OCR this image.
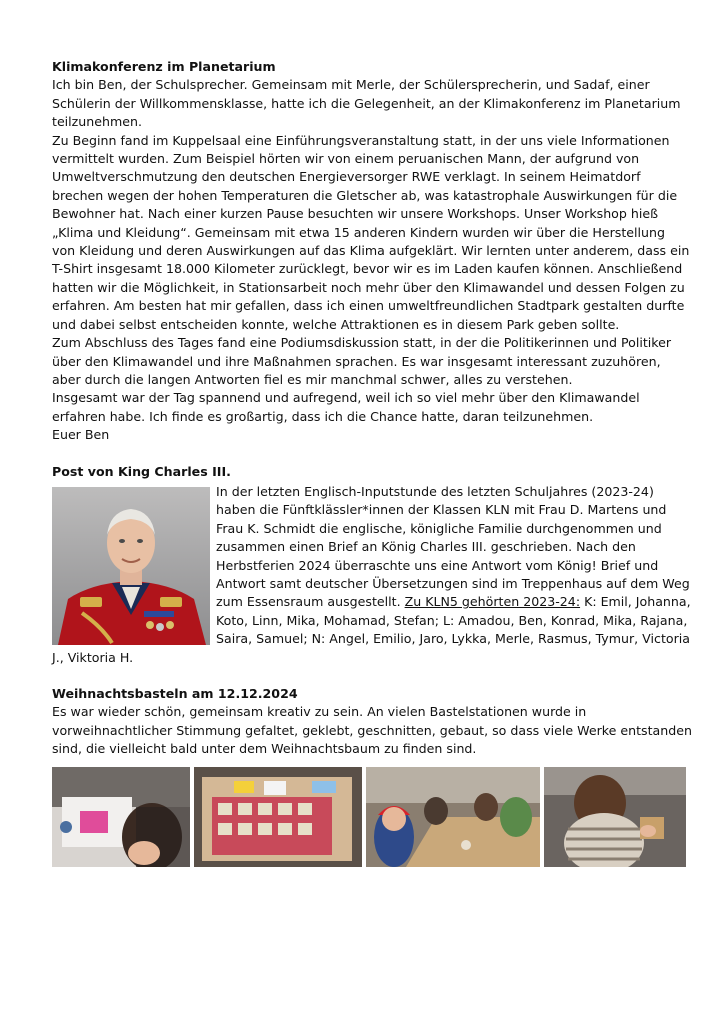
Klimakonferenz im Planetarium

Ich bin Ben, der Schulsprecher. Gemeinsam mit Merle, der Schülersprecherin, und Sadaf, einer Schülerin der Willkommensklasse, hatte ich die Gelegenheit, an der Klimakonferenz im Planetarium teilzunehmen.

Zu Beginn fand im Kuppelsaal eine Einführungsveranstaltung statt, in der uns viele Informationen vermittelt wurden. Zum Beispiel hörten wir von einem peruanischen Mann, der aufgrund von Umweltverschmutzung den deutschen Energieversorger RWE verklagt. In seinem Heimatdorf brechen wegen der hohen Temperaturen die Gletscher ab, was katastrophale Auswirkungen für die Bewohner hat. Nach einer kurzen Pause besuchten wir unsere Workshops. Unser Workshop hieß „Klima und Kleidung“. Gemeinsam mit etwa 15 anderen Kindern wurden wir über die Herstellung von Kleidung und deren Auswirkungen auf das Klima aufgeklärt. Wir lernten unter anderem, dass ein T-Shirt insgesamt 18.000 Kilometer zurücklegt, bevor wir es im Laden kaufen können. Anschließend hatten wir die Möglichkeit, in Stationsarbeit noch mehr über den Klimawandel und dessen Folgen zu erfahren. Am besten hat mir gefallen, dass ich einen umweltfreundlichen Stadtpark gestalten durfte und dabei selbst entscheiden konnte, welche Attraktionen es in diesem Park geben sollte.

Zum Abschluss des Tages fand eine Podiumsdiskussion statt, in der die Politikerinnen und Politiker über den Klimawandel und ihre Maßnahmen sprachen. Es war insgesamt interessant zuzuhören, aber durch die langen Antworten fiel es mir manchmal schwer, alles zu verstehen.

Insgesamt war der Tag spannend und aufregend, weil ich so viel mehr über den Klimawandel erfahren habe. Ich finde es großartig, dass ich die Chance hatte, daran teilzunehmen.

Euer Ben

Post von King Charles III.

In der letzten Englisch-Inputstunde des letzten Schuljahres (2023-24) haben die Fünftklässler*innen der Klassen KLN mit Frau D. Martens und Frau K. Schmidt die englische, königliche Familie durchgenommen und zusammen einen Brief an König Charles III. geschrieben. Nach den Herbstferien 2024 überraschte uns eine Antwort vom König! Brief und Antwort samt deutscher Übersetzungen sind im Treppenhaus auf dem Weg zum Essensraum ausgestellt. Zu KLN5 gehörten 2023-24: K: Emil, Johanna, Koto, Linn, Mika, Mohamad, Stefan; L: Amadou, Ben, Konrad, Mika, Rajana, Saira, Samuel; N: Angel, Emilio, Jaro, Lykka, Merle, Rasmus, Tymur, Victoria J., Viktoria H.

Weihnachtsbasteln am 12.12.2024

Es war wieder schön, gemeinsam kreativ zu sein. An vielen Bastelstationen wurde in vorweihnachtlicher Stimmung gefaltet, geklebt, geschnitten, gebaut, so dass viele Werke entstanden sind, die vielleicht bald unter dem Weihnachtsbaum zu finden sind.
